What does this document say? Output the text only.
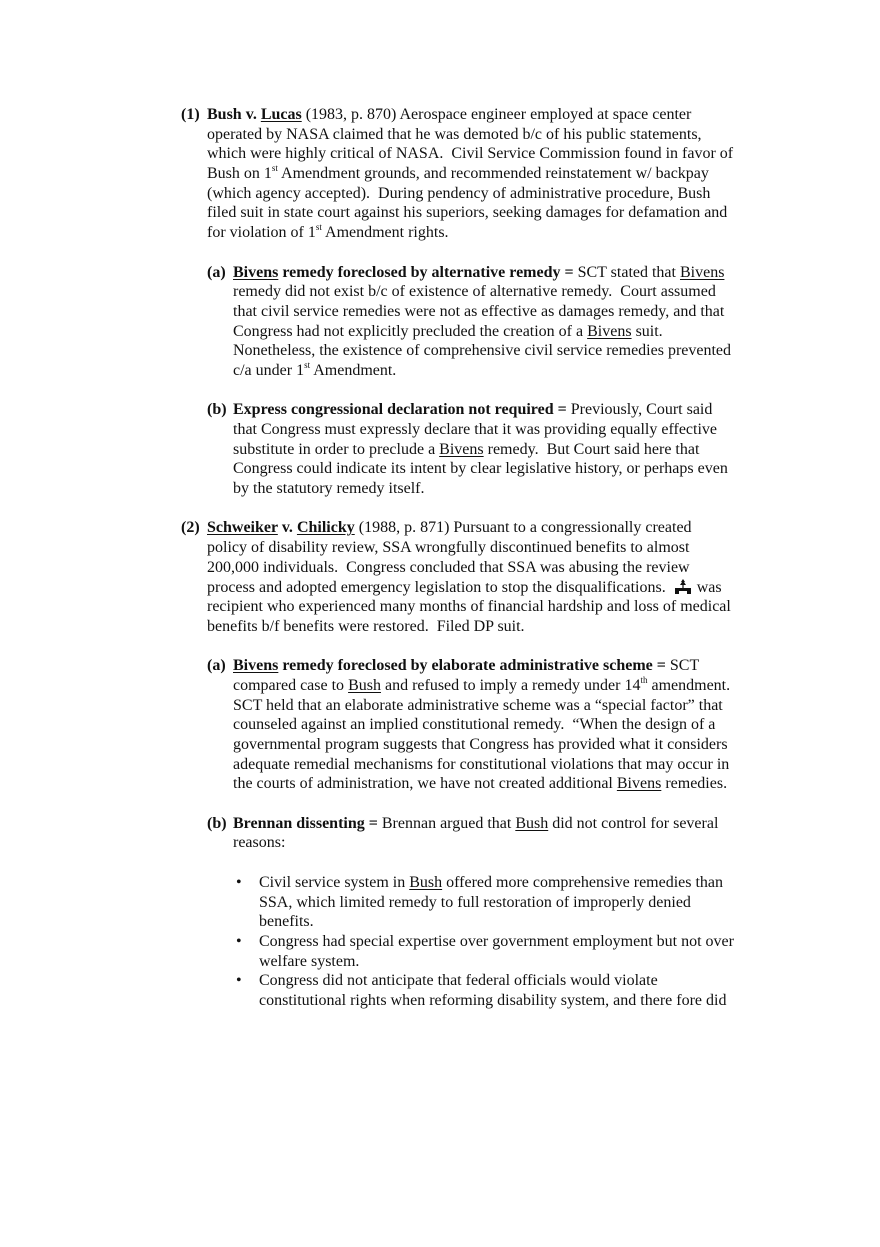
(1) Bush v. Lucas (1983, p. 870) Aerospace engineer employed at space center
operated by NASA claimed that he was demoted b/c of his public statements,
which were highly critical of NASA.  Civil Service Commission found in favor of
Bush on 1st Amendment grounds, and recommended reinstatement w/ backpay
(which agency accepted).  During pendency of administrative procedure, Bush
filed suit in state court against his superiors, seeking damages for defamation and
for violation of 1st Amendment rights.
(a) Bivens remedy foreclosed by alternative remedy = SCT stated that Bivens
remedy did not exist b/c of existence of alternative remedy.  Court assumed
that civil service remedies were not as effective as damages remedy, and that
Congress had not explicitly precluded the creation of a Bivens suit.
Nonetheless, the existence of comprehensive civil service remedies prevented
c/a under 1st Amendment.
(b) Express congressional declaration not required = Previously, Court said
that Congress must expressly declare that it was providing equally effective
substitute in order to preclude a Bivens remedy.  But Court said here that
Congress could indicate its intent by clear legislative history, or perhaps even
by the statutory remedy itself.
(2) Schweiker v. Chilicky (1988, p. 871) Pursuant to a congressionally created
policy of disability review, SSA wrongfully discontinued benefits to almost
200,000 individuals.  Congress concluded that SSA was abusing the review
process and adopted emergency legislation to stop the disqualifications.   was
recipient who experienced many months of financial hardship and loss of medical
benefits b/f benefits were restored.  Filed DP suit.
(a) Bivens remedy foreclosed by elaborate administrative scheme = SCT
compared case to Bush and refused to imply a remedy under 14th amendment.
SCT held that an elaborate administrative scheme was a “special factor” that
counseled against an implied constitutional remedy.  “When the design of a
governmental program suggests that Congress has provided what it considers
adequate remedial mechanisms for constitutional violations that may occur in
the courts of administration, we have not created additional Bivens remedies.
(b) Brennan dissenting = Brennan argued that Bush did not control for several
reasons:
• Civil service system in Bush offered more comprehensive remedies than
SSA, which limited remedy to full restoration of improperly denied
benefits.
• Congress had special expertise over government employment but not over
welfare system.
• Congress did not anticipate that federal officials would violate
constitutional rights when reforming disability system, and there fore did
